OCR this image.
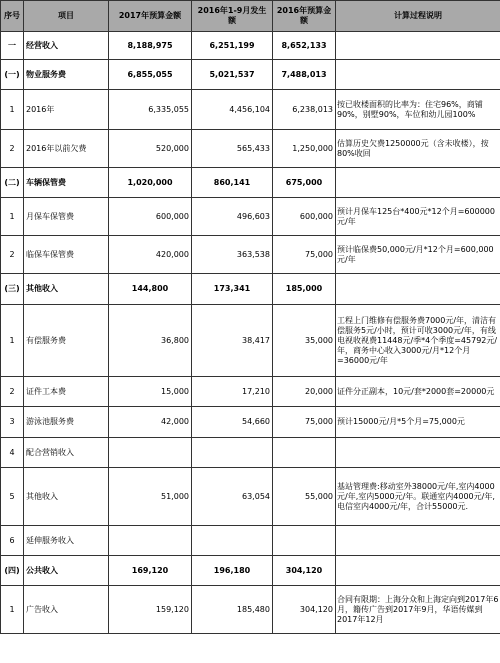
序号	项目	2017年预算金额	2016年1-9月发生额	2016年预算金额	计算过程说明
一	经营收入	8,188,975	6,251,199	8,652,133	
(一)	物业服务费	6,855,055	5,021,537	7,488,013	
1	2016年	6,335,055	4,456,104	6,238,013	按已收楼面积的比率为：住宅96%，商铺90%，别墅90%，车位和幼儿园100%
2	2016年以前欠费	520,000	565,433	1,250,000	估算历史欠费1250000元（含未收楼），按80%收回
(二)	车辆保管费	1,020,000	860,141	675,000	
1	月保车保管费	600,000	496,603	600,000	预计月保车125台*400元*12个月=600000元/年
2	临保车保管费	420,000	363,538	75,000	预计临保费50,000元/月*12个月=600,000元/年
(三)	其他收入	144,800	173,341	185,000	
1	有偿服务费	36,800	38,417	35,000	工程上门维修有偿服务费7000元/年，清洁有偿服务5元/小时，预计可收3000元/年，有线电视收视费11448元/季*4个季度=45792元/年，商务中心收入3000元/月*12个月=36000元/年
2	证件工本费	15,000	17,210	20,000	证件分正副本，10元/套*2000套=20000元
3	游泳池服务费	42,000	54,660	75,000	预计15000元/月*5个月=75,000元
4	配合营销收入				
5	其他收入	51,000	63,054	55,000	基站管理费:移动室外38000元/年,室内4000元/年,室内5000元/年。联通室内4000元/年,电信室内4000元/年，合计55000元.
6	延伸服务收入				
(四)	公共收入	169,120	196,180	304,120	
1	广告收入	159,120	185,480	304,120	合同有限期：上海分众和上海定向到2017年6月，籍传广告到2017年9月，华语传媒到2017年12月
